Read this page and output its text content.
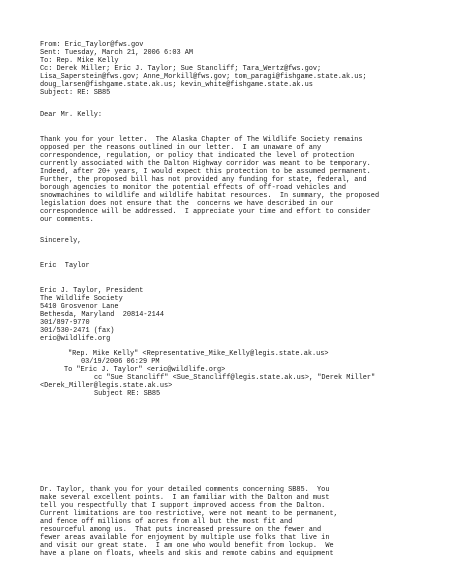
From: Eric_Taylor@fws.gov
Sent: Tuesday, March 21, 2006 6:03 AM
To: Rep. Mike Kelly
Cc: Derek Miller; Eric J. Taylor; Sue Stancliff; Tara_Wertz@fws.gov;
Lisa_Saperstein@fws.gov; Anne_Morkill@fws.gov; tom_paragi@fishgame.state.ak.us;
doug_larsen@fishgame.state.ak.us; kevin_white@fishgame.state.ak.us
Subject: RE: SB85
Dear Mr. Kelly:
Thank you for your letter.  The Alaska Chapter of The Wildlife Society remains
opposed per the reasons outlined in our letter.  I am unaware of any
correspondence, regulation, or policy that indicated the level of protection
currently associated with the Dalton Highway corridor was meant to be temporary.
Indeed, after 20+ years, I would expect this protection to be assumed permanent.
Further, the proposed bill has not provided any funding for state, federal, and
borough agencies to monitor the potential effects of off-road vehicles and
snowmachines to wildlife and wildlife habitat resources.  In summary, the proposed
legislation does not ensure that the  concerns we have described in our
correspondence will be addressed.  I appreciate your time and effort to consider
our comments.
Sincerely,
Eric  Taylor
Eric J. Taylor, President
The Wildlife Society
5410 Grosvenor Lane
Bethesda, Maryland  20814-2144
301/897-9770
301/530-2471 (fax)
eric@wildlife.org
"Rep. Mike Kelly" <Representative_Mike_Kelly@legis.state.ak.us>
03/19/2006 06:29 PM
To "Eric J. Taylor" <eric@wildlife.org>
cc "Sue Stancliff" <Sue_Stancliff@legis.state.ak.us>, "Derek Miller"
<Derek_Miller@legis.state.ak.us>
Subject RE: SB85
Dr. Taylor, thank you for your detailed comments concerning SB85.  You
make several excellent points.  I am familiar with the Dalton and must
tell you respectfully that I support improved access from the Dalton.
Current limitations are too restrictive, were not meant to be permanent,
and fence off millions of acres from all but the most fit and
resourceful among us.  That puts increased pressure on the fewer and
fewer areas available for enjoyment by multiple use folks that live in
and visit our great state.  I am one who would benefit from lockup.  We
have a plane on floats, wheels and skis and remote cabins and equipment
